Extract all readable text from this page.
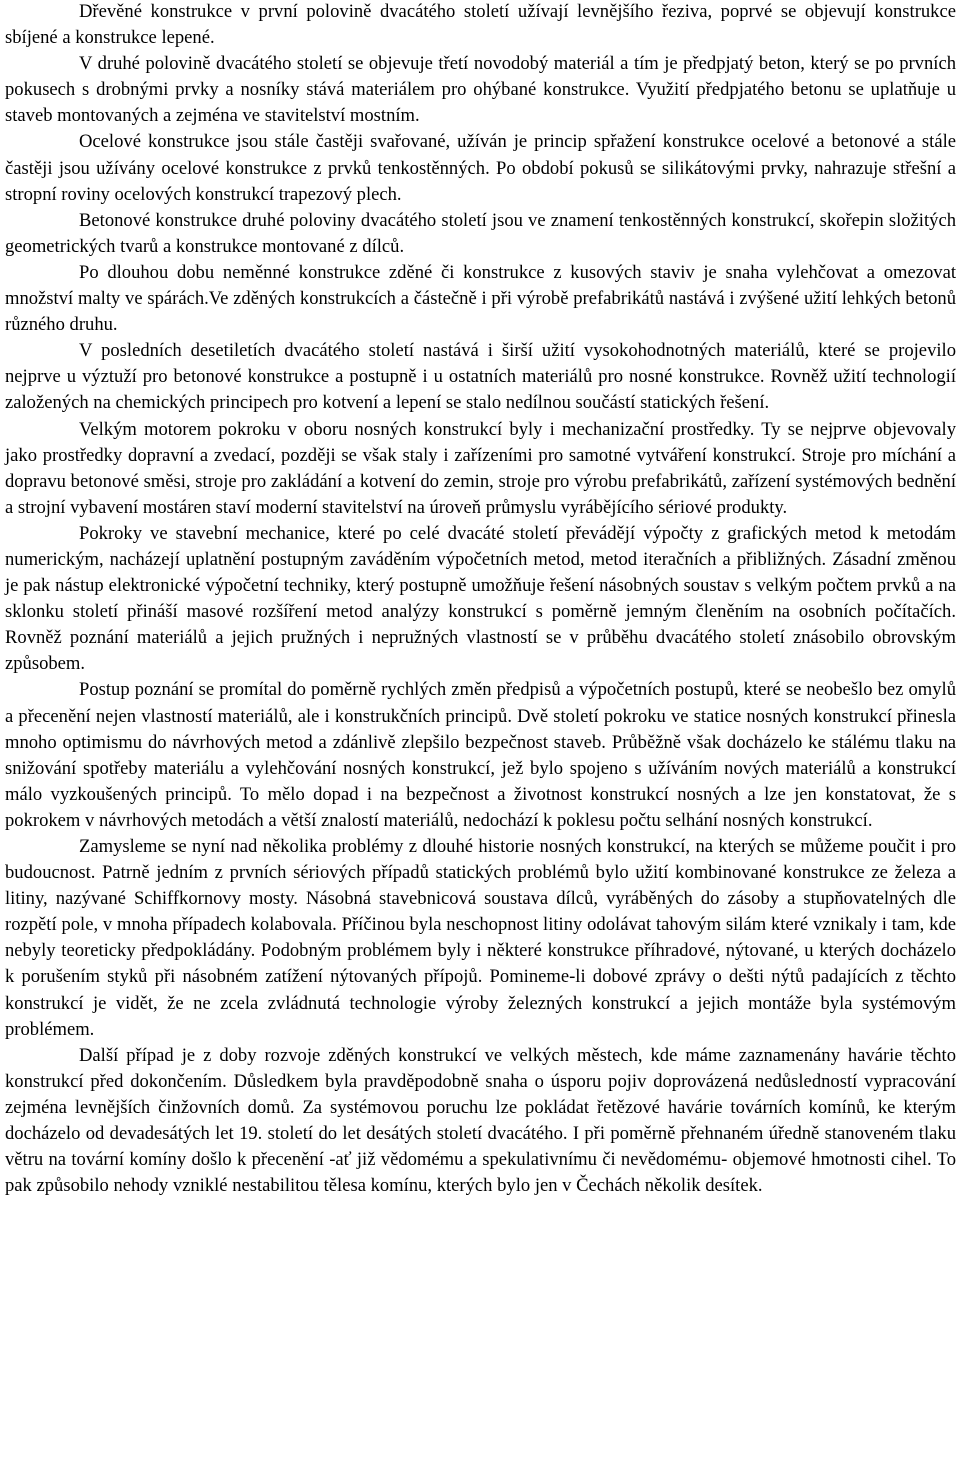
Dřevěné konstrukce v první polovině dvacátého století užívají levnějšího řeziva, poprvé se objevují konstrukce sbíjené a konstrukce lepené.

V druhé polovině dvacátého století se objevuje třetí novodobý materiál a tím je předpjatý beton, který se po prvních pokusech s drobnými prvky a nosníky stává materiálem pro ohýbané konstrukce. Využití předpjatého betonu se uplatňuje u staveb montovaných a zejména ve stavitelství mostním.

Ocelové konstrukce jsou stále častěji svařované, užíván je princip spřažení konstrukce ocelové a betonové a stále častěji jsou užívány ocelové konstrukce z prvků tenkostěnných. Po období pokusů se silikátovými prvky, nahrazuje střešní a stropní roviny ocelových konstrukcí trapezový plech.

Betonové konstrukce druhé poloviny dvacátého století jsou ve znamení tenkostěnných konstrukcí, skořepin složitých geometrických tvarů a konstrukce montované z dílců.

Po dlouhou dobu neměnné konstrukce zděné či konstrukce z kusových staviv je snaha vylehčovat a omezovat množství malty ve spárách.Ve zděných konstrukcích a částečně i při výrobě prefabrikátů nastává i zvýšené užití lehkých betonů různého druhu.

V posledních desetiletích dvacátého století nastává i širší užití vysokohodnotných materiálů, které se projevilo nejprve u výztuží pro betonové konstrukce a postupně i u ostatních materiálů pro nosné konstrukce. Rovněž užití technologií založených na chemických principech pro kotvení a lepení se stalo nedílnou součástí statických řešení.

Velkým motorem pokroku v oboru nosných konstrukcí byly i mechanizační prostředky. Ty se nejprve objevovaly jako prostředky dopravní a zvedací, později se však staly i zařízeními pro samotné vytváření konstrukcí. Stroje pro míchání a dopravu betonové směsi, stroje pro zakládání a kotvení do zemin, stroje pro výrobu prefabrikátů, zařízení systémových bednění a strojní vybavení mostáren staví moderní stavitelství na úroveň průmyslu vyrábějícího sériové produkty.

Pokroky ve stavební mechanice, které po celé dvacáté století převádějí výpočty z grafických metod k metodám numerickým, nacházejí uplatnění postupným zaváděním výpočetních metod, metod iteračních a přibližných. Zásadní změnou je pak nástup elektronické výpočetní techniky, který postupně umožňuje řešení násobných soustav s velkým počtem prvků a na sklonku století přináší masové rozšíření metod analýzy konstrukcí s poměrně jemným členěním na osobních počítačích. Rovněž poznání materiálů a jejich pružných i nepružných vlastností se v průběhu dvacátého století znásobilo obrovským způsobem.

Postup poznání se promítal do poměrně rychlých změn předpisů a výpočetních postupů, které se neobešlo bez omylů a přecenění nejen vlastností materiálů, ale i konstrukčních principů. Dvě století pokroku ve statice nosných konstrukcí přinesla mnoho optimismu do návrhových metod a zdánlivě zlepšilo bezpečnost staveb. Průběžně však docházelo ke stálému tlaku na snižování spotřeby materiálu a vylehčování nosných konstrukcí, jež bylo spojeno s užíváním nových materiálů a konstrukcí málo vyzkoušených principů. To mělo dopad i na bezpečnost a životnost konstrukcí nosných a lze jen konstatovat, že s pokrokem v návrhových metodách a větší znalostí materiálů, nedochází k poklesu počtu selhání nosných konstrukcí.

Zamysleme se nyní nad několika problémy z dlouhé historie nosných konstrukcí, na kterých se můžeme poučit i pro budoucnost. Patrně jedním z prvních sériových případů statických problémů bylo užití kombinované konstrukce ze železa a litiny, nazývané Schiffkornovy mosty. Násobná stavebnicová soustava dílců, vyráběných do zásoby a stupňovatelných dle rozpětí pole, v mnoha případech kolabovala. Příčinou byla neschopnost litiny odolávat tahovým silám které vznikaly i tam, kde nebyly teoreticky předpokládány. Podobným problémem byly i některé konstrukce příhradové, nýtované, u kterých docházelo k porušením styků při násobném zatížení nýtovaných přípojů. Pomineme-li dobové zprávy o dešti nýtů padajících z těchto konstrukcí je vidět, že ne zcela zvládnutá technologie výroby železných konstrukcí a jejich montáže byla systémovým problémem.

Další případ je z doby rozvoje zděných konstrukcí ve velkých městech, kde máme zaznamenány havárie těchto konstrukcí před dokončením. Důsledkem byla pravděpodobně snaha o úsporu pojiv doprovázená nedůsledností vypracování zejména levnějších činžovních domů. Za systémovou poruchu lze pokládat řetězové havárie továrních komínů, ke kterým docházelo od devadesátých let 19. století do let desátých století dvacátého. I při poměrně přehnaném úředně stanoveném tlaku větru na tovární komíny došlo k přecenění -ať již vědomému a spekulativnímu či nevědomému- objemové hmotnosti cihel. To pak způsobilo nehody vzniklé nestabilitou tělesa komínu, kterých bylo jen v Čechách několik desítek.
